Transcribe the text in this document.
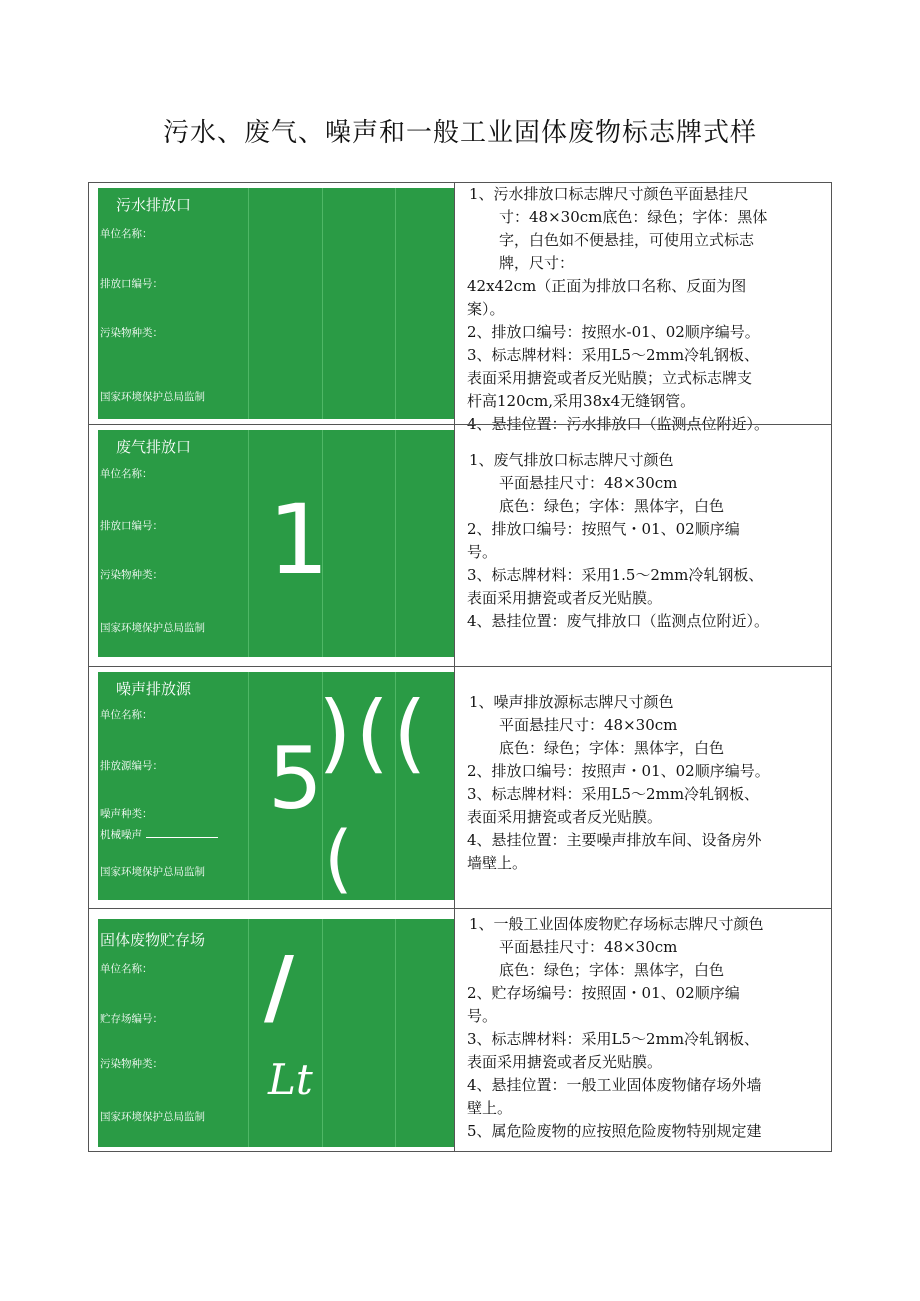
污水、废气、噪声和一般工业固体废物标志牌式样
污水排放口
单位名称：
排放口编号：
污染物种类：
国家环境保护总局监制

1、污水排放口标志牌尺寸颜色平面悬挂尺

寸：48×30cm底色：绿色；字体：黑体

字，白色如不便悬挂，可使用立式标志

牌，尺寸：

42x42cm（正面为排放口名称、反面为图

案）。

2、排放口编号：按照水-01、02顺序编号。

3、标志牌材料：采用L5～2mm冷轧钢板、

表面采用搪瓷或者反光贴膜；立式标志牌支

杆高120cm,采用38x4无缝钢管。

4、悬挂位置：污水排放口（监测点位附近）。

废气排放口
单位名称：
排放口编号：
污染物种类：
国家环境保护总局监制
1

1、废气排放口标志牌尺寸颜色

平面悬挂尺寸：48×30cm

底色：绿色；字体：黑体字，白色

2、排放口编号：按照气・01、02顺序编

号。

3、标志牌材料：采用1.5～2mm冷轧钢板、

表面采用搪瓷或者反光贴膜。

4、悬挂位置：废气排放口（监测点位附近）。

噪声排放源
单位名称：
排放源编号：
噪声种类：
机械噪声
国家环境保护总局监制
5
)((
(

1、噪声排放源标志牌尺寸颜色

平面悬挂尺寸：48×30cm

底色：绿色；字体：黑体字，白色

2、排放口编号：按照声・01、02顺序编号。

3、标志牌材料：采用L5～2mm冷轧钢板、

表面采用搪瓷或者反光贴膜。

4、悬挂位置：主要噪声排放车间、设备房外

墙壁上。

固体废物贮存场
单位名称：
贮存场编号：
污染物种类：
国家环境保护总局监制
/
Lt

1、一般工业固体废物贮存场标志牌尺寸颜色

平面悬挂尺寸：48×30cm

底色：绿色；字体：黑体字，白色

2、贮存场编号：按照固・01、02顺序编

号。

3、标志牌材料：采用L5～2mm冷轧钢板、

表面采用搪瓷或者反光贴膜。

4、悬挂位置：一般工业固体废物储存场外墙

壁上。

5、属危险废物的应按照危险废物特别规定建
